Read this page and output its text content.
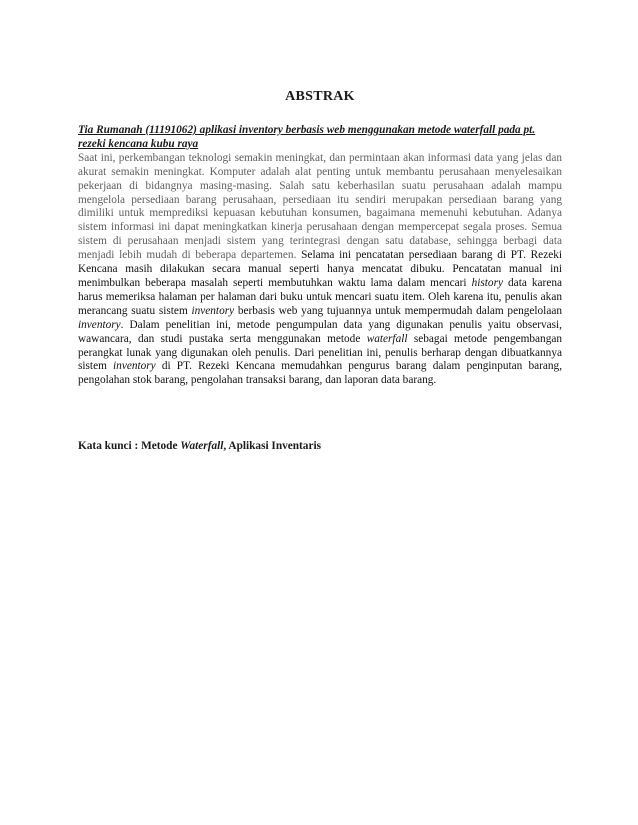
ABSTRAK
Tia Rumanah (11191062) aplikasi inventory berbasis web menggunakan metode waterfall pada pt. rezeki kencana kubu raya
Saat ini, perkembangan teknologi semakin meningkat, dan permintaan akan informasi data yang jelas dan akurat semakin meningkat. Komputer adalah alat penting untuk membantu perusahaan menyelesaikan pekerjaan di bidangnya masing-masing. Salah satu keberhasilan suatu perusahaan adalah mampu mengelola persediaan barang perusahaan, persediaan itu sendiri merupakan persediaan barang yang dimiliki untuk memprediksi kepuasan kebutuhan konsumen, bagaimana memenuhi kebutuhan. Adanya sistem informasi ini dapat meningkatkan kinerja perusahaan dengan mempercepat segala proses. Semua sistem di perusahaan menjadi sistem yang terintegrasi dengan satu database, sehingga berbagi data menjadi lebih mudah di beberapa departemen. Selama ini pencatatan persediaan barang di PT. Rezeki Kencana masih dilakukan secara manual seperti hanya mencatat dibuku. Pencatatan manual ini menimbulkan beberapa masalah seperti membutuhkan waktu lama dalam mencari history data karena harus memeriksa halaman per halaman dari buku untuk mencari suatu item. Oleh karena itu, penulis akan merancang suatu sistem inventory berbasis web yang tujuannya untuk mempermudah dalam pengelolaan inventory. Dalam penelitian ini, metode pengumpulan data yang digunakan penulis yaitu observasi, wawancara, dan studi pustaka serta menggunakan metode waterfall sebagai metode pengembangan perangkat lunak yang digunakan oleh penulis. Dari penelitian ini, penulis berharap dengan dibuatkannya sistem inventory di PT. Rezeki Kencana memudahkan pengurus barang dalam penginputan barang, pengolahan stok barang, pengolahan transaksi barang, dan laporan data barang.

Kata kunci : Metode Waterfall, Aplikasi Inventaris
